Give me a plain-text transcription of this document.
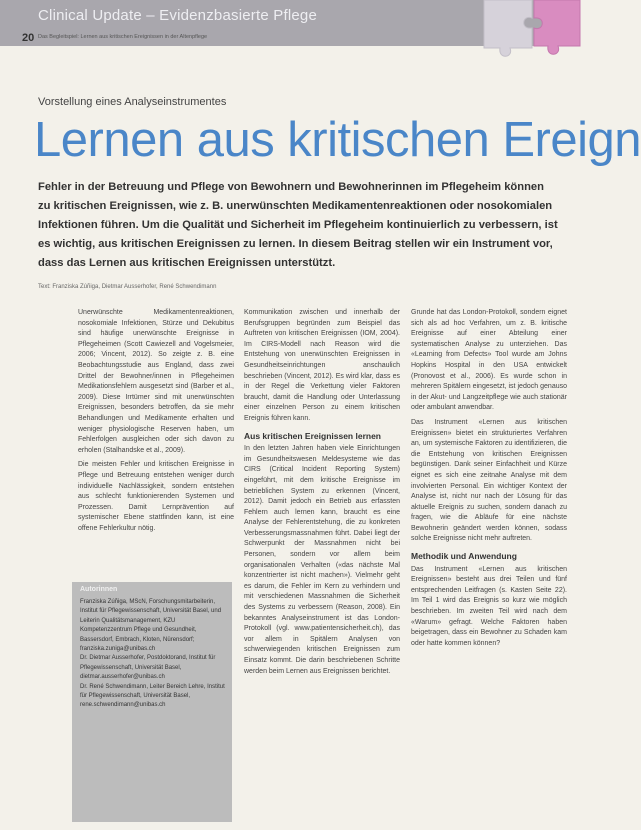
Clinical Update – Evidenzbasierte Pflege
20 Das Begleitspiel: Lernen aus kritischen Ereignissen in der Altenpflege
Vorstellung eines Analyseinstrumentes
Lernen aus kritischen Ereign

Fehler in der Betreuung und Pflege von Bewohnern und Bewohnerinnen im Pflegeheim können zu kritischen Ereignissen, wie z. B. unerwünschten Medikamentenreaktionen oder nosokomialen Infektionen führen. Um die Qualität und Sicherheit im Pflegeheim kontinuierlich zu verbessern, ist es wichtig, aus kritischen Ereignissen zu lernen. In diesem Beitrag stellen wir ein Instrument vor, dass das Lernen aus kritischen Ereignissen unterstützt.

Text: Franziska Zúñiga, Dietmar Ausserhofer, René Schwendimann

Unerwünschte Medikamentenreaktionen, nosokomiale Infektionen, Stürze und Dekubitus sind häufige unerwünschte Ereignisse in Pflegeheimen (Scott Cawiezell and Vogelsmeier, 2006; Vincent, 2012). So zeigte z. B. eine Beobachtungsstudie aus England, dass zwei Drittel der Bewohner/innen in Pflegeheimen Medikationsfehlern ausgesetzt sind (Barber et al., 2009). Diese Irrtümer sind mit unerwünschten Ereignissen, besonders betroffen, da sie mehr Behandlungen und Medikamente erhalten und weniger physiologische Reserven haben, um Fehlerfolgen ausgleichen oder sich davon zu erholen (Stalhandske et al., 2009).

Die meisten Fehler und kritischen Ereignisse in Pflege und Betreuung entstehen weniger durch individuelle Nachlässigkeit, sondern entstehen aus schlecht funktionierenden Systemen und Prozessen. Damit Lernprävention auf systemischer Ebene stattfinden kann, ist eine offene Fehlerkultur nötig.

Kommunikation zwischen und innerhalb der Berufsgruppen begründen zum Beispiel das Auftreten von kritischen Ereignissen (IOM, 2004). Im CIRS-Modell nach Reason wird die Entstehung von unerwünschten Ereignissen in Gesundheitseinrichtungen anschaulich beschrieben (Vincent, 2012). Es wird klar, dass es in der Regel die Verkettung vieler Faktoren braucht, damit die Handlung oder Unterlassung einer einzelnen Person zu einem kritischen Ereignis führen kann.

Aus kritischen Ereignissen lernen

In den letzten Jahren haben viele Einrichtungen im Gesundheitswesen Meldesysteme wie das CIRS (Critical Incident Reporting System) eingeführt, mit dem kritische Ereignisse im betrieblichen System zu erkennen (Vincent, 2012). Damit jedoch ein Betrieb aus erfassten Fehlern auch lernen kann, braucht es eine Analyse der Fehlerentstehung, die zu konkreten Verbesserungsmassnahmen führt. Dabei liegt der Schwerpunkt der Massnahmen nicht bei Personen, sondern vor allem beim organisationalen Verhalten («das nächste Mal konzentrierter ist nicht machen»). Vielmehr geht es darum, die Fehler im Kern zu verhindern und mit verschiedenen Massnahmen die Sicherheit des Systems zu verbessern (Reason, 2008). Ein bekanntes Analyseinstrument ist das London-Protokoll (vgl. www.patientensicherheit.ch), das vor allem in Spitälern Analysen von schwerwiegenden kritischen Ereignissen zum Einsatz kommt. Die darin beschriebenen Schritte werden beim Lernen aus Ereignissen berichtet.

Grunde hat das London-Protokoll, sondern eignet sich als ad hoc Verfahren, um z. B. kritische Ereignisse auf einer Abteilung einer systematischen Analyse zu unterziehen. Das «Learning from Defects» Tool wurde am Johns Hopkins Hospital in den USA entwickelt (Pronovost et al., 2006). Es wurde schon in mehreren Spitälern eingesetzt, ist jedoch genauso in der Akut- und Langzeitpflege wie auch stationär oder ambulant anwendbar.

Das Instrument «Lernen aus kritischen Ereignissen» bietet ein strukturiertes Verfahren an, um systemische Faktoren zu identifizieren, die die Entstehung von kritischen Ereignissen begünstigen. Dank seiner Einfachheit und Kürze eignet es sich eine zeitnahe Analyse mit dem involvierten Personal. Ein wichtiger Kontext der Analyse ist, nicht nur nach der Lösung für das aktuelle Ereignis zu suchen, sondern danach zu fragen, wie die Abläufe für eine nächste Bewohnerin geändert werden können, sodass solche Ereignisse nicht mehr auftreten.

Methodik und Anwendung

Das Instrument «Lernen aus kritischen Ereignissen» besteht aus drei Teilen und fünf entsprechenden Leitfragen (s. Kasten Seite 22). Im Teil 1 wird das Ereignis so kurz wie möglich beschrieben. Im zweiten Teil wird nach dem «Warum» gefragt. Welche Faktoren haben beigetragen, dass ein Bewohner zu Schaden kam oder hatte kommen können?

Autorinnen

Franziska Zúñiga, MScN, Forschungsmitarbeiterin, Institut für Pflegewissenschaft, Universität Basel, und Leiterin Qualitätsmanagement, KZU Kompetenzzentrum Pflege und Gesundheit, Bassersdorf, Embrach, Kloten, Nürensdorf; franziska.zuniga@unibas.ch

Dr. Dietmar Ausserhofer, Postdoktorand, Institut für Pflegewissenschaft, Universität Basel, dietmar.ausserhofer@unibas.ch

Dr. René Schwendimann, Leiter Bereich Lehre, Institut für Pflegewissenschaft, Universität Basel, rene.schwendimann@unibas.ch
